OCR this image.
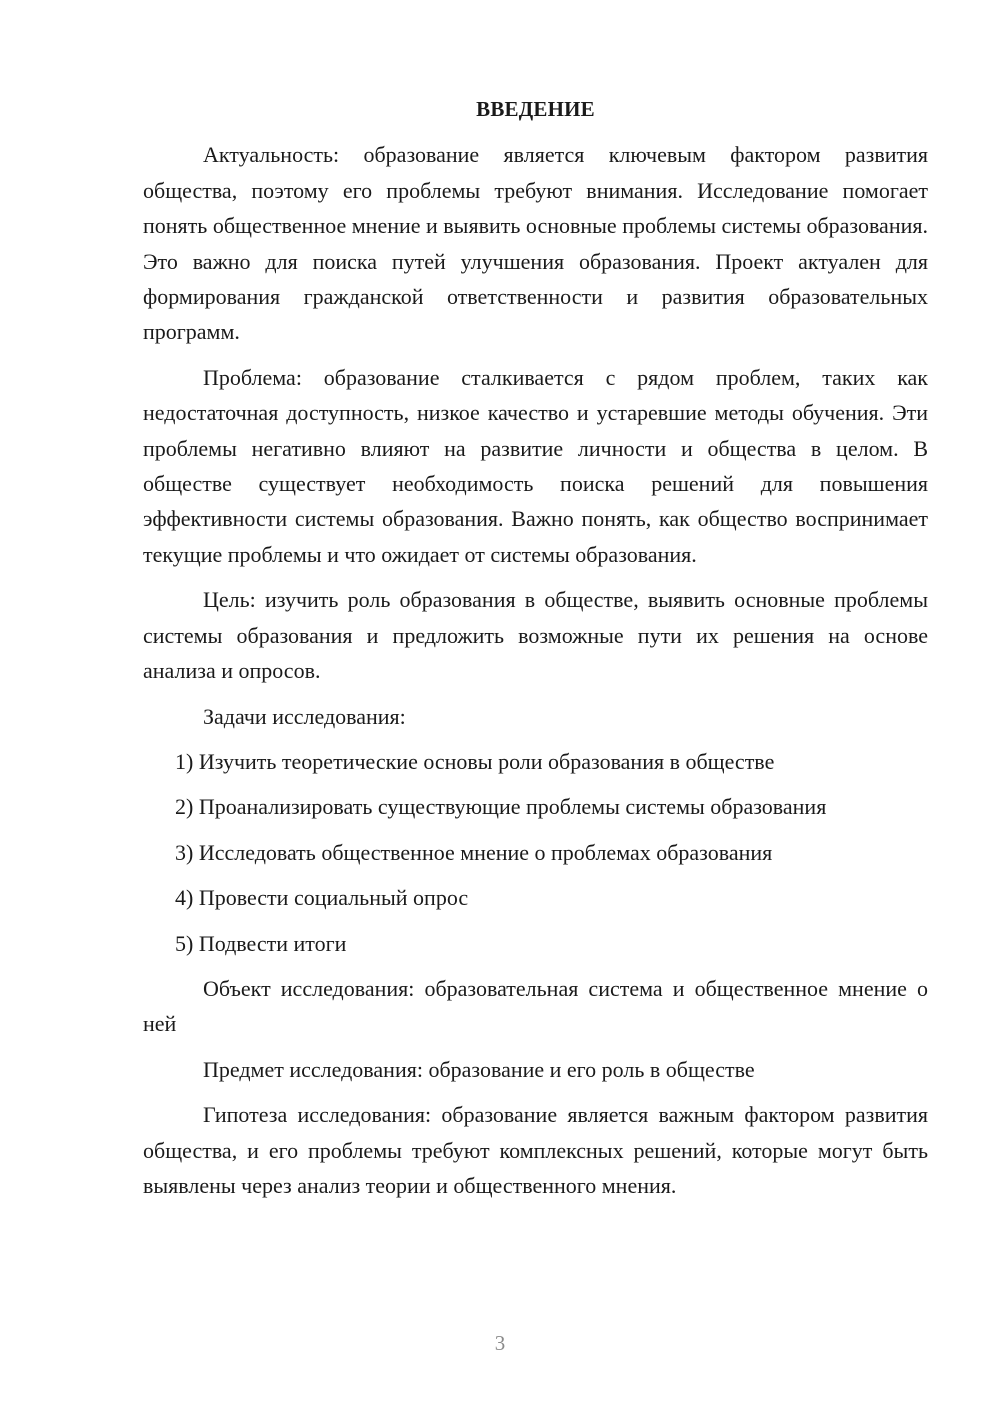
ВВЕДЕНИЕ

Актуальность: образование является ключевым фактором развития общества, поэтому его проблемы требуют внимания. Исследование помогает понять общественное мнение и выявить основные проблемы системы образования. Это важно для поиска путей улучшения образования. Проект актуален для формирования гражданской ответственности и развития образовательных программ.

Проблема: образование сталкивается с рядом проблем, таких как недостаточная доступность, низкое качество и устаревшие методы обучения. Эти проблемы негативно влияют на развитие личности и общества в целом. В обществе существует необходимость поиска решений для повышения эффективности системы образования. Важно понять, как общество воспринимает текущие проблемы и что ожидает от системы образования.

Цель: изучить роль образования в обществе, выявить основные проблемы системы образования и предложить возможные пути их решения на основе анализа и опросов.

Задачи исследования:

1) Изучить теоретические основы роли образования в обществе
2) Проанализировать существующие проблемы системы образования
3) Исследовать общественное мнение о проблемах образования
4) Провести социальный опрос
5) Подвести итоги

Объект исследования: образовательная система и общественное мнение о ней

Предмет исследования: образование и его роль в обществе

Гипотеза исследования: образование является важным фактором развития общества, и его проблемы требуют комплексных решений, которые могут быть выявлены через анализ теории и общественного мнения.

3
